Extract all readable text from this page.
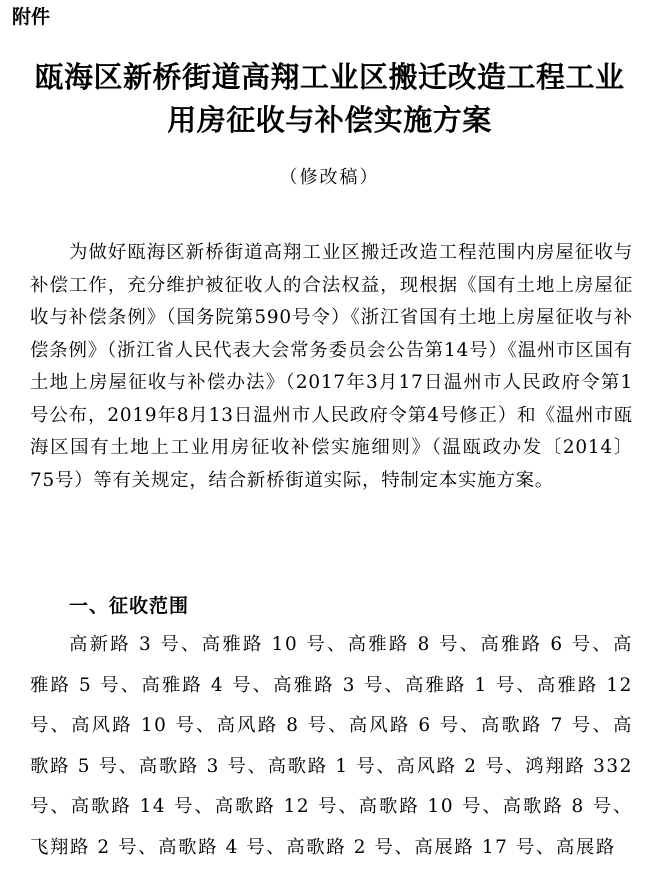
附件
瓯海区新桥街道高翔工业区搬迁改造工程工业
用房征收与补偿实施方案
（修改稿）
为做好瓯海区新桥街道高翔工业区搬迁改造工程范围内房屋征收与补偿工作，充分维护被征收人的合法权益，现根据《国有土地上房屋征收与补偿条例》（国务院第590号令）《浙江省国有土地上房屋征收与补偿条例》（浙江省人民代表大会常务委员会公告第14号）《温州市区国有土地上房屋征收与补偿办法》（2017年3月17日温州市人民政府令第1号公布，2019年8月13日温州市人民政府令第4号修正）和《温州市瓯海区国有土地上工业用房征收补偿实施细则》（温瓯政办发〔2014〕75号）等有关规定，结合新桥街道实际，特制定本实施方案。
一、征收范围
高新路 3 号、高雅路 10 号、高雅路 8 号、高雅路 6 号、高雅路 5 号、高雅路 4 号、高雅路 3 号、高雅路 1 号、高雅路 12 号、高风路 10 号、高风路 8 号、高风路 6 号、高歌路 7 号、高歌路 5 号、高歌路 3 号、高歌路 1 号、高风路 2 号、鸿翔路 332 号、高歌路 14 号、高歌路 12 号、高歌路 10 号、高歌路 8 号、飞翔路 2 号、高歌路 4 号、高歌路 2 号、高展路 17 号、高展路
